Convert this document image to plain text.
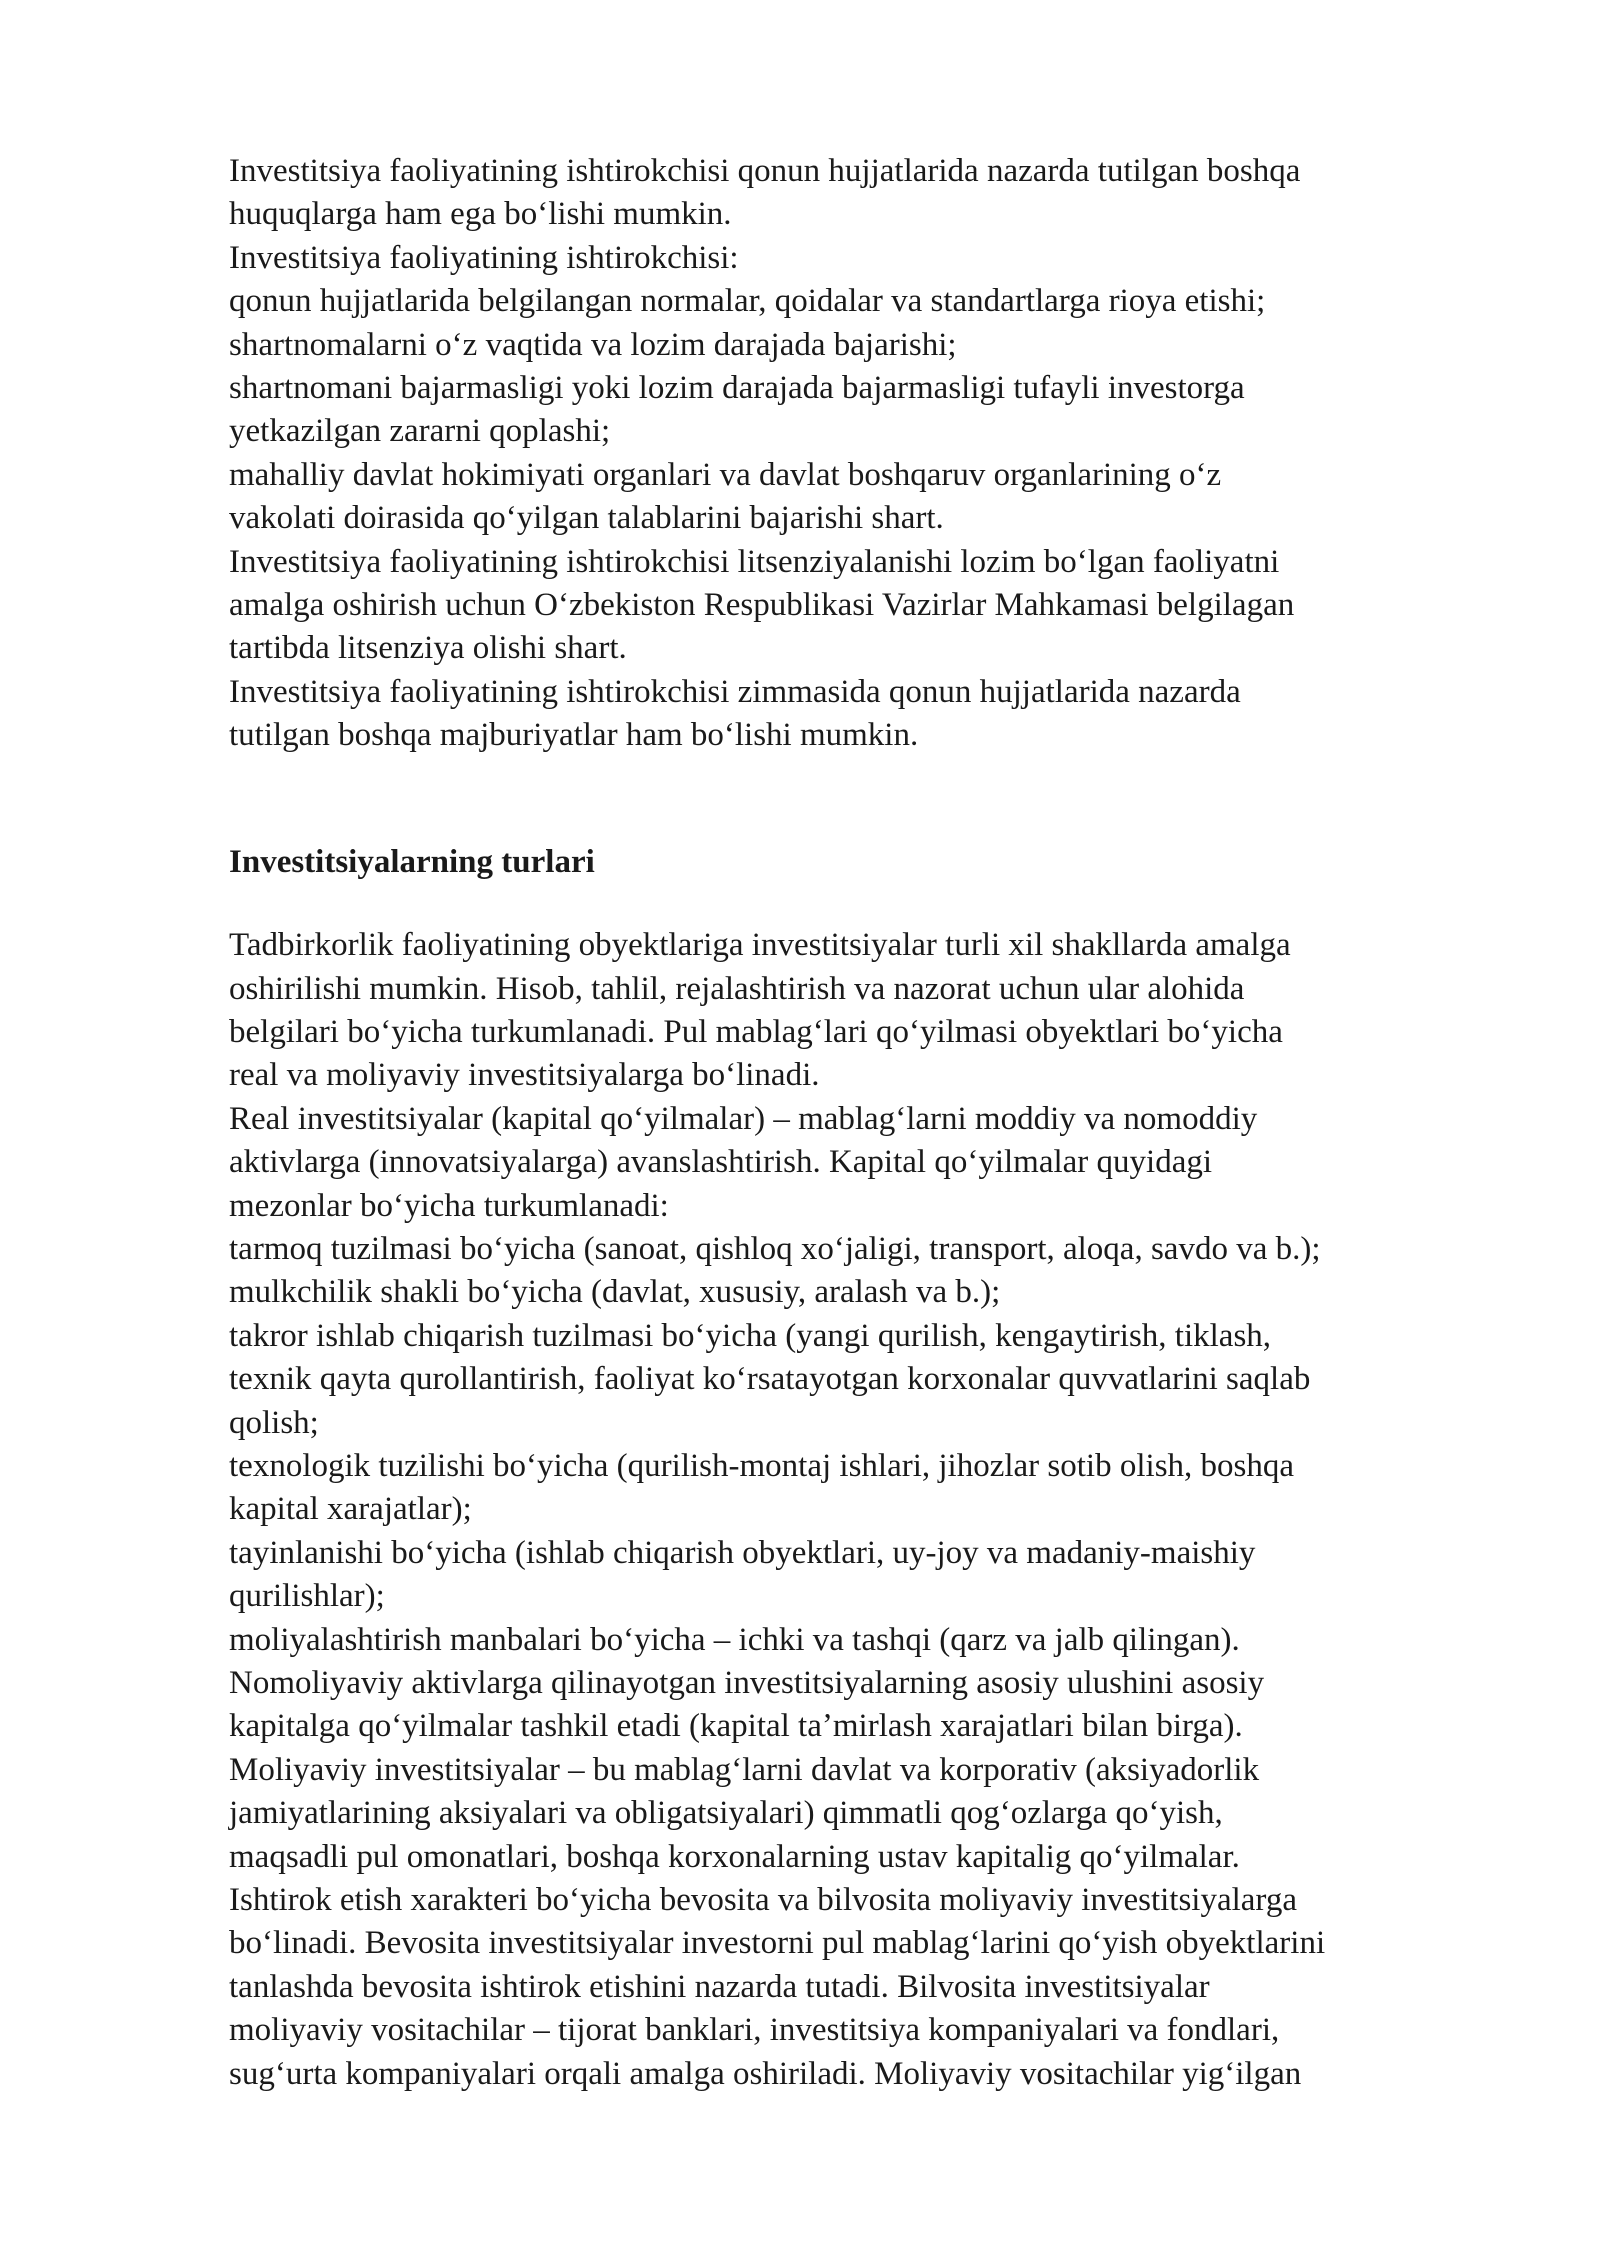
Investitsiya faoliyatining ishtirokchisi qonun hujjatlarida nazarda tutilgan boshqa
huquqlarga ham ega boʻlishi mumkin.
Investitsiya faoliyatining ishtirokchisi:
qonun hujjatlarida belgilangan normalar, qoidalar va standartlarga rioya etishi;
shartnomalarni oʻz vaqtida va lozim darajada bajarishi;
shartnomani bajarmasligi yoki lozim darajada bajarmasligi tufayli investorga
yetkazilgan zararni qoplashi;
mahalliy davlat hokimiyati organlari va davlat boshqaruv organlarining oʻz
vakolati doirasida qoʻyilgan talablarini bajarishi shart.
Investitsiya faoliyatining ishtirokchisi litsenziyalanishi lozim boʻlgan faoliyatni
amalga oshirish uchun Oʻzbekiston Respublikasi Vazirlar Mahkamasi belgilagan
tartibda litsenziya olishi shart.
Investitsiya faoliyatining ishtirokchisi zimmasida qonun hujjatlarida nazarda
tutilgan boshqa majburiyatlar ham boʻlishi mumkin.
Investitsiyalarning turlari
Tadbirkorlik faoliyatining obyektlariga investitsiyalar turli xil shakllarda amalga
oshirilishi mumkin. Hisob, tahlil, rejalashtirish va nazorat uchun ular alohida
belgilari boʻyicha turkumlanadi. Pul mablagʻlari qoʻyilmasi obyektlari boʻyicha
real va moliyaviy investitsiyalarga boʻlinadi.
Real investitsiyalar (kapital qoʻyilmalar) – mablagʻlarni moddiy va nomoddiy
aktivlarga (innovatsiyalarga) avanslashtirish. Kapital qoʻyilmalar quyidagi
mezonlar boʻyicha turkumlanadi:
tarmoq tuzilmasi boʻyicha (sanoat, qishloq xoʻjaligi, transport, aloqa, savdo va b.);
mulkchilik shakli boʻyicha (davlat, xususiy, aralash va b.);
takror ishlab chiqarish tuzilmasi boʻyicha (yangi qurilish, kengaytirish, tiklash,
texnik qayta qurollantirish, faoliyat koʻrsatayotgan korxonalar quvvatlarini saqlab
qolish;
texnologik tuzilishi boʻyicha (qurilish-montaj ishlari, jihozlar sotib olish, boshqa
kapital xarajatlar);
tayinlanishi boʻyicha (ishlab chiqarish obyektlari, uy-joy va madaniy-maishiy
qurilishlar);
moliyalashtirish manbalari boʻyicha – ichki va tashqi (qarz va jalb qilingan).
Nomoliyaviy aktivlarga qilinayotgan investitsiyalarning asosiy ulushini asosiy
kapitalga qoʻyilmalar tashkil etadi (kapital taʼmirlash xarajatlari bilan birga).
Moliyaviy investitsiyalar – bu mablagʻlarni davlat va korporativ (aksiyadorlik
jamiyatlarining aksiyalari va obligatsiyalari) qimmatli qogʻozlarga qoʻyish,
maqsadli pul omonatlari, boshqa korxonalarning ustav kapitalig qoʻyilmalar.
Ishtirok etish xarakteri boʻyicha bevosita va bilvosita moliyaviy investitsiyalarga
boʻlinadi. Bevosita investitsiyalar investorni pul mablagʻlarini qoʻyish obyektlarini
tanlashda bevosita ishtirok etishini nazarda tutadi. Bilvosita investitsiyalar
moliyaviy vositachilar – tijorat banklari, investitsiya kompaniyalari va fondlari,
sugʻurta kompaniyalari orqali amalga oshiriladi. Moliyaviy vositachilar yigʻilgan
